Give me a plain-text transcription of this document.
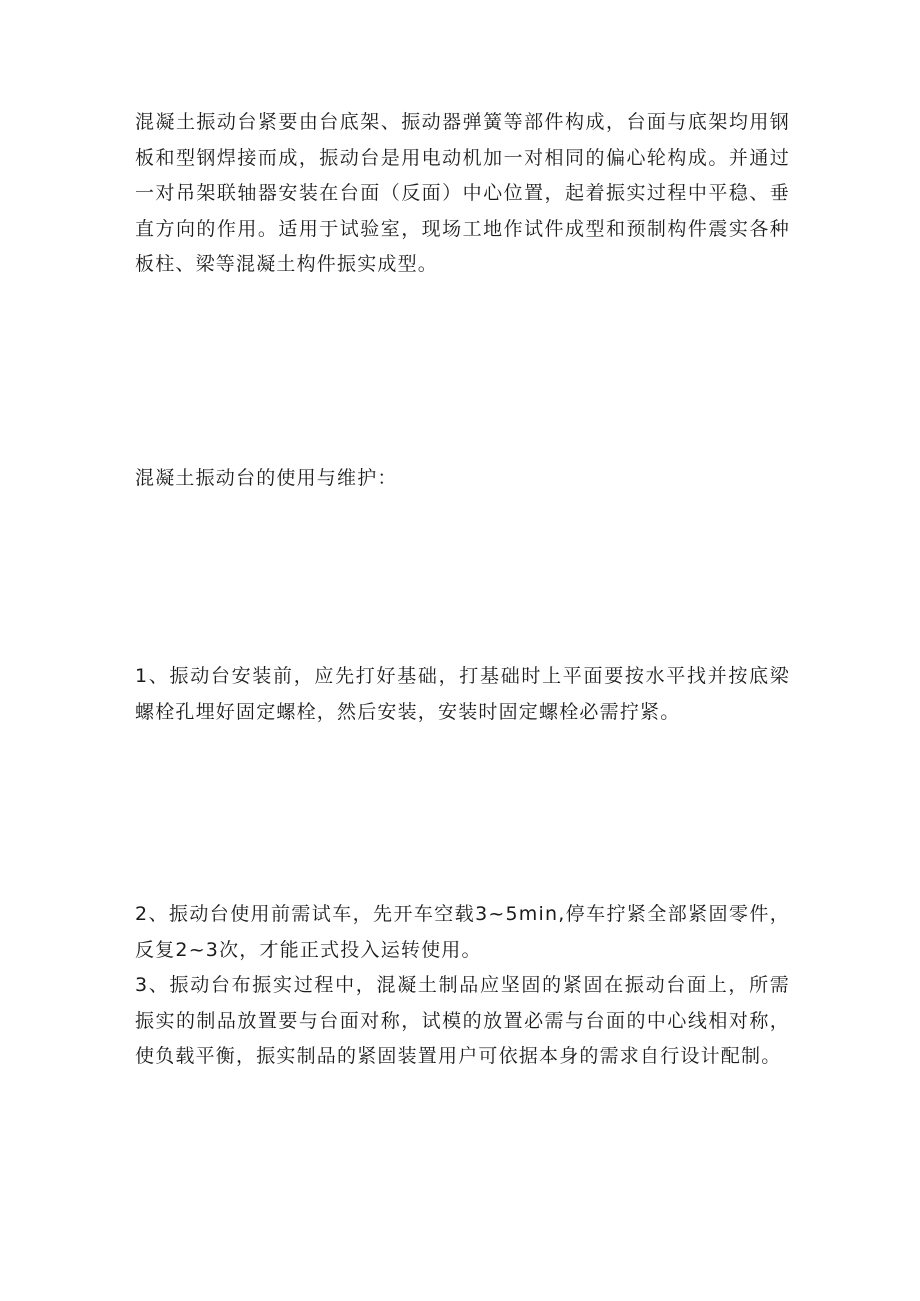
混凝土振动台紧要由台底架、振动器弹簧等部件构成，台面与底架均用钢板和型钢焊接而成，振动台是用电动机加一对相同的偏心轮构成。并通过一对吊架联轴器安装在台面（反面）中心位置，起着振实过程中平稳、垂直方向的作用。适用于试验室，现场工地作试件成型和预制构件震实各种板柱、梁等混凝土构件振实成型。

混凝土振动台的使用与维护：

1、振动台安装前，应先打好基础，打基础时上平面要按水平找并按底梁螺栓孔埋好固定螺栓，然后安装，安装时固定螺栓必需拧紧。

2、振动台使用前需试车，先开车空载3~5min,停车拧紧全部紧固零件，反复2~3次，才能正式投入运转使用。

3、振动台布振实过程中，混凝土制品应坚固的紧固在振动台面上，所需振实的制品放置要与台面对称，试模的放置必需与台面的中心线相对称，使负载平衡，振实制品的紧固装置用户可依据本身的需求自行设计配制。
